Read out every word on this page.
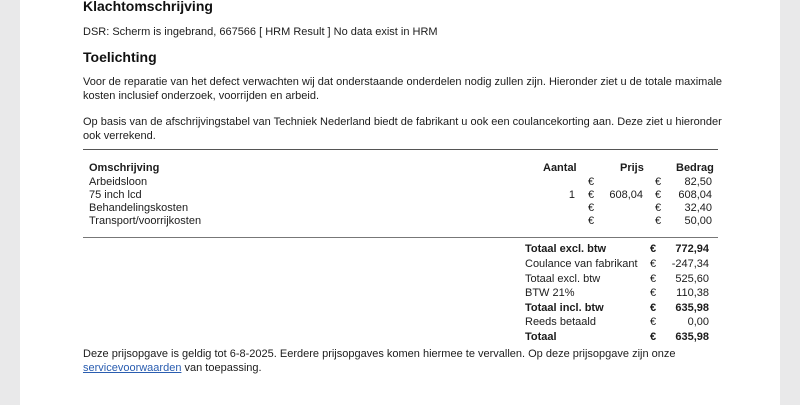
Klachtomschrijving
DSR: Scherm is ingebrand, 667566 [ HRM Result ] No data exist in HRM
Toelichting
Voor de reparatie van het defect verwachten wij dat onderstaande onderdelen nodig zullen zijn. Hieronder ziet u de totale maximale kosten inclusief onderzoek, voorrijden en arbeid.
Op basis van de afschrijvingstabel van Techniek Nederland biedt de fabrikant u ook een coulancekorting aan. Deze ziet u hieronder ook verrekend.
Omschrijving	Aantal	Prijs	Bedrag
Arbeidsloon	€	€	82,50
75 inch lcd	1 €	608,04 €	608,04
Behandelingskosten	€	€	32,40
Transport/voorrijkosten	€	€	50,00
Totaal excl. btw	€	772,94
Coulance van fabrikant €	-247,34
Totaal excl. btw	€	525,60
BTW 21%	€	110,38
Totaal incl. btw	€	635,98
Reeds betaald	€	0,00
Totaal	€	635,98
Deze prijsopgave is geldig tot 6-8-2025. Eerdere prijsopgaves komen hiermee te vervallen. Op deze prijsopgave zijn onze servicevoorwaarden van toepassing.
